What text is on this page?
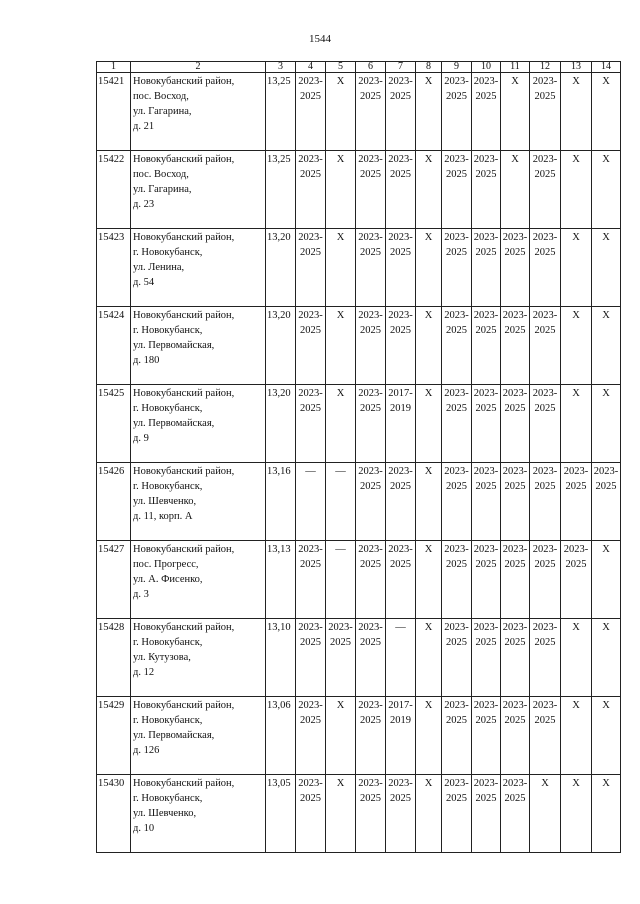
1544
1	2	3	4	5	6	7	8	9	10	11	12	13	14
15421	Новокубанский район,
пос. Восход,
ул. Гагарина,
д. 21	13,25	2023-
2025	X	2023-
2025	2023-
2025	X	2023-
2025	2023-
2025	X	2023-
2025	X	X
15422	Новокубанский район,
пос. Восход,
ул. Гагарина,
д. 23	13,25	2023-
2025	X	2023-
2025	2023-
2025	X	2023-
2025	2023-
2025	X	2023-
2025	X	X
15423	Новокубанский район,
г. Новокубанск,
ул. Ленина,
д. 54	13,20	2023-
2025	X	2023-
2025	2023-
2025	X	2023-
2025	2023-
2025	2023-
2025	2023-
2025	X	X
15424	Новокубанский район,
г. Новокубанск,
ул. Первомайская,
д. 180	13,20	2023-
2025	X	2023-
2025	2023-
2025	X	2023-
2025	2023-
2025	2023-
2025	2023-
2025	X	X
15425	Новокубанский район,
г. Новокубанск,
ул. Первомайская,
д. 9	13,20	2023-
2025	X	2023-
2025	2017-
2019	X	2023-
2025	2023-
2025	2023-
2025	2023-
2025	X	X
15426	Новокубанский район,
г. Новокубанск,
ул. Шевченко,
д. 11, корп. А	13,16	—	—	2023-
2025	2023-
2025	X	2023-
2025	2023-
2025	2023-
2025	2023-
2025	2023-
2025	2023-
2025
15427	Новокубанский район,
пос. Прогресс,
ул. А. Фисенко,
д. 3	13,13	2023-
2025	—	2023-
2025	2023-
2025	X	2023-
2025	2023-
2025	2023-
2025	2023-
2025	2023-
2025	X
15428	Новокубанский район,
г. Новокубанск,
ул. Кутузова,
д. 12	13,10	2023-
2025	2023-
2025	2023-
2025	—	X	2023-
2025	2023-
2025	2023-
2025	2023-
2025	X	X
15429	Новокубанский район,
г. Новокубанск,
ул. Первомайская,
д. 126	13,06	2023-
2025	X	2023-
2025	2017-
2019	X	2023-
2025	2023-
2025	2023-
2025	2023-
2025	X	X
15430	Новокубанский район,
г. Новокубанск,
ул. Шевченко,
д. 10	13,05	2023-
2025	X	2023-
2025	2023-
2025	X	2023-
2025	2023-
2025	2023-
2025	X	X	X
